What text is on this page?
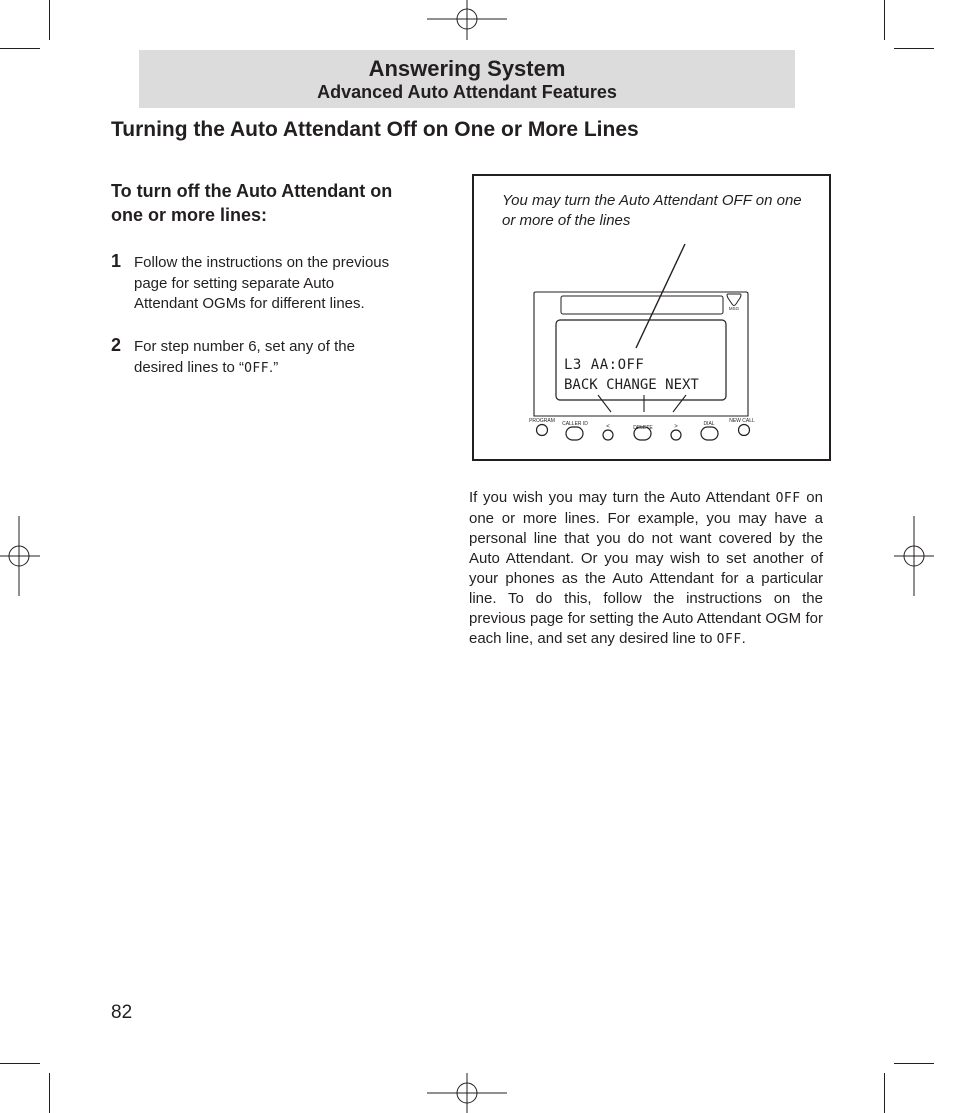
Answering System
Advanced Auto Attendant Features
Turning the Auto Attendant Off on One or More Lines
To turn off the Auto Attendant on one or more lines:
1 Follow the instructions on the previous page for setting separate Auto Attendant OGMs for different lines.
2 For step number 6, set any of the desired lines to “OFF.”
You may turn the Auto Attendant OFF on one or more of the lines
MSG
PROGRAM CALLER ID	<	DELETE	>	DIAL	NEW CALL
L3 AA:OFF
BACK CHANGE NEXT
If you wish you may turn the Auto Attendant OFF on one or more lines. For example, you may have a personal line that you do not want covered by the Auto Attendant. Or you may wish to set another of your phones as the Auto Attendant for a particular line. To do this, follow the instructions on the previous page for setting the Auto Attendant OGM for each line, and set any desired line to OFF.
82
